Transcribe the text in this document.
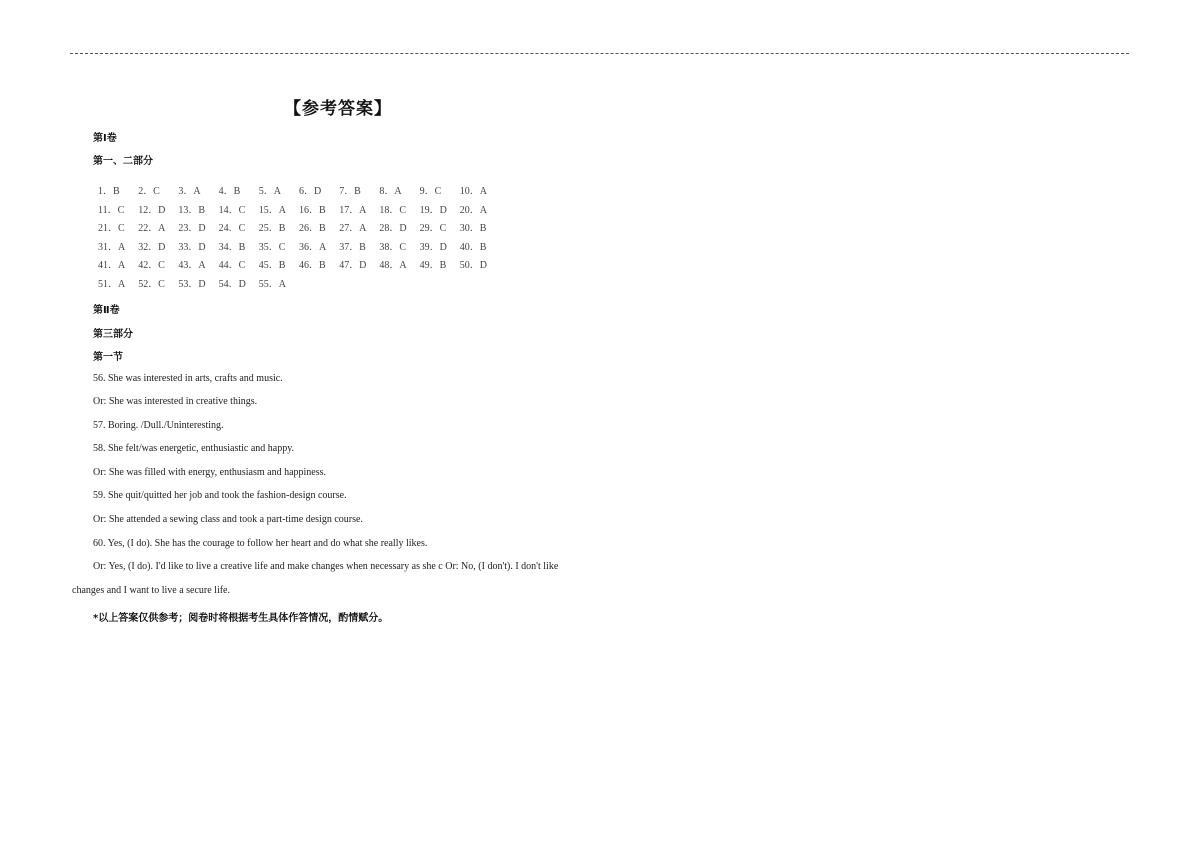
【参考答案】
第Ⅰ卷
第一、二部分
1．B 2．C 3．A 4．B 5．A 6．D 7．B 8．A 9．C 10．A
11．C 12．D 13．B 14．C 15．A 16．B 17．A 18．C 19．D 20．A
21．C 22．A 23．D 24．C 25．B 26．B 27．A 28．D 29．C 30．B
31．A 32．D 33．D 34．B 35．C 36．A 37．B 38．C 39．D 40．B
41．A 42．C 43．A 44．C 45．B 46．B 47．D 48．A 49．B 50．D
51．A 52．C 53．D 54．D 55．A
第Ⅱ卷
第三部分
第一节
56. She was interested in arts, crafts and music.
Or: She was interested in creative things.
57. Boring. /Dull./Uninteresting.
58. She felt/was energetic, enthusiastic and happy.
Or: She was filled with energy, enthusiasm and happiness.
59. She quit/quitted her job and took the fashion-design course.
Or: She attended a sewing class and took a part-time design course.
60. Yes, (I do). She has the courage to follow her heart and do what she really likes.
Or: Yes, (I do). I'd like to live a creative life and make changes when necessary as she c Or: No, (I don't). I don't like
changes and I want to live a secure life.
*以上答案仅供参考；阅卷时将根据考生具体作答情况，酌情赋分。
